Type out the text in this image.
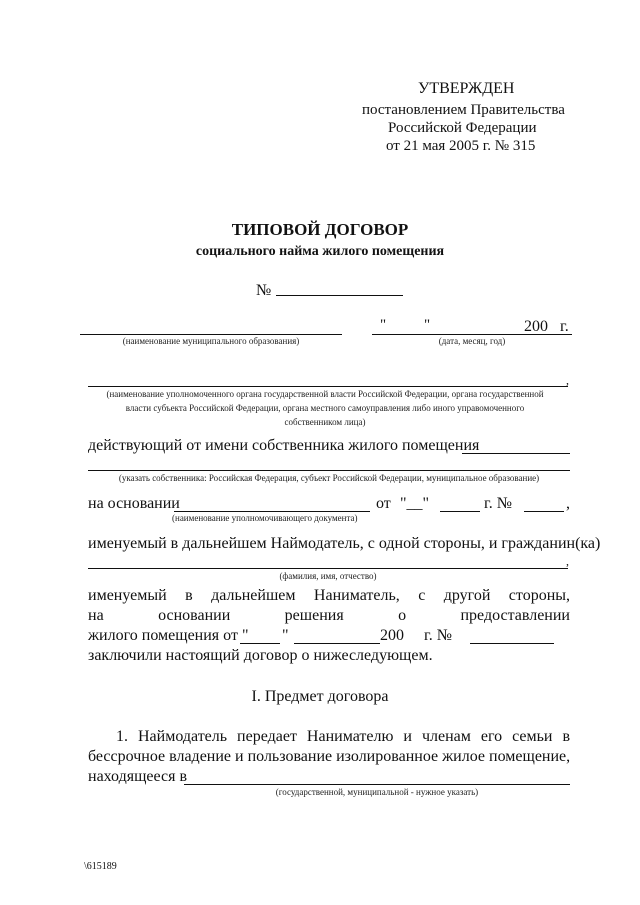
УТВЕРЖДЕН
постановлением Правительства
Российской Федерации
от 21 мая 2005 г. № 315
ТИПОВОЙ ДОГОВОР
социального найма жилого помещения
№
(наименование муниципального образования)
"	"	200 г.
(дата, месяц, год)
,
(наименование уполномоченного органа государственной власти Российской Федерации, органа государственной
власти субъекта Российской Федерации, органа местного самоуправления либо иного управомоченного
собственником лица)
действующий от имени собственника жилого помещения
(указать собственника: Российская Федерация, субъект Российской Федерации, муниципальное образование)
на основании	от "__"	г. №	,
(наименование уполномочивающего документа)
именуемый в дальнейшем Наймодатель, с одной стороны, и гражданин(ка)
,
(фамилия, имя, отчество)
именуемый в дальнейшем Наниматель, с другой стороны,
на основании решения о предоставлении
жилого помещения от " "	200 г. №
заключили настоящий договор о нижеследующем.
I. Предмет договора
1. Наймодатель передает Нанимателю и членам его семьи в
бессрочное владение и пользование изолированное жилое помещение,
находящееся в
(государственной, муниципальной - нужное указать)
\615189
